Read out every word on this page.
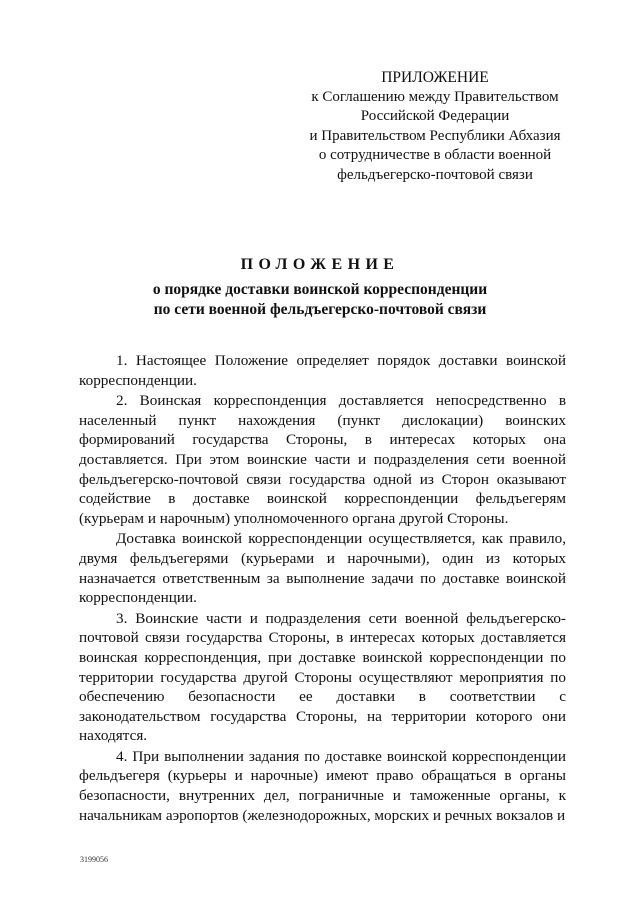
ПРИЛОЖЕНИЕ
к Соглашению между Правительством
Российской Федерации
и Правительством Республики Абхазия
о сотрудничестве в области военной
фельдъегерско-почтовой связи
ПОЛОЖЕНИЕ
о порядке доставки воинской корреспонденции
по сети военной фельдъегерско-почтовой связи

1. Настоящее Положение определяет порядок доставки воинской корреспонденции.

2. Воинская корреспонденция доставляется непосредственно в населенный пункт нахождения (пункт дислокации) воинских формирований государства Стороны, в интересах которых она доставляется. При этом воинские части и подразделения сети военной фельдъегерско-почтовой связи государства одной из Сторон оказывают содействие в доставке воинской корреспонденции фельдъегерям (курьерам и нарочным) уполномоченного органа другой Стороны.

Доставка воинской корреспонденции осуществляется, как правило, двумя фельдъегерями (курьерами и нарочными), один из которых назначается ответственным за выполнение задачи по доставке воинской корреспонденции.

3. Воинские части и подразделения сети военной фельдъегерско-почтовой связи государства Стороны, в интересах которых доставляется воинская корреспонденция, при доставке воинской корреспонденции по территории государства другой Стороны осуществляют мероприятия по обеспечению безопасности ее доставки в соответствии с законодательством государства Стороны, на территории которого они находятся.

4. При выполнении задания по доставке воинской корреспонденции фельдъегеря (курьеры и нарочные) имеют право обращаться в органы безопасности, внутренних дел, пограничные и таможенные органы, к начальникам аэропортов (железнодорожных, морских и речных вокзалов и

3199056
